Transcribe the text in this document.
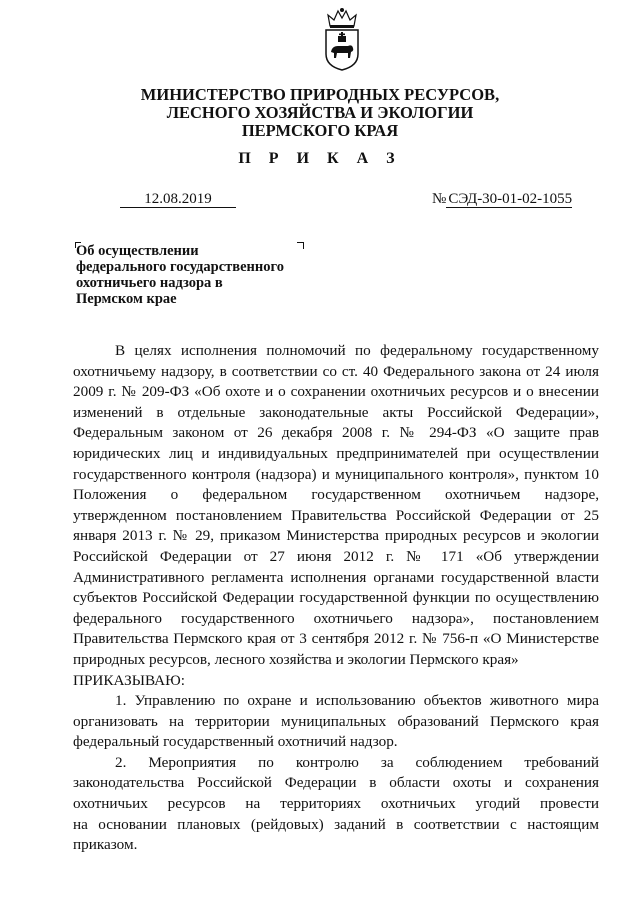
МИНИСТЕРСТВО ПРИРОДНЫХ РЕСУРСОВ,
ЛЕСНОГО ХОЗЯЙСТВА И ЭКОЛОГИИ
ПЕРМСКОГО КРАЯ
П Р И К А З
12.08.2019	№ СЭД-30-01-02-1055
Об осуществлении
федерального государственного
охотничьего надзора в
Пермском крае

В целях исполнения полномочий по федеральному государственному

охотничьему надзору, в соответствии со ст. 40 Федерального закона от 24 июля

2009 г. № 209-ФЗ «Об охоте и о сохранении охотничьих ресурсов и о внесении

изменений в отдельные законодательные акты Российской Федерации»,

Федеральным законом от 26 декабря 2008 г. № 294-ФЗ «О защите прав

юридических лиц и индивидуальных предпринимателей при осуществлении

государственного контроля (надзора) и муниципального контроля», пунктом 10

Положения о федеральном государственном охотничьем надзоре,

утвержденном постановлением Правительства Российской Федерации от 25

января 2013 г. № 29, приказом Министерства природных ресурсов и экологии

Российской Федерации от 27 июня 2012 г. № 171 «Об утверждении

Административного регламента исполнения органами государственной власти

субъектов Российской Федерации государственной функции по осуществлению

федерального государственного охотничьего надзора», постановлением

Правительства Пермского края от 3 сентября 2012 г. № 756-п «О Министерстве

природных ресурсов, лесного хозяйства и экологии Пермского края»

ПРИКАЗЫВАЮ:

1. Управлению по охране и использованию объектов животного мира

организовать на территории муниципальных образований Пермского края

федеральный государственный охотничий надзор.

2. Мероприятия по контролю за соблюдением требований

законодательства Российской Федерации в области охоты и сохранения

охотничьих ресурсов на территориях охотничьих угодий провести

на основании плановых (рейдовых) заданий в соответствии с настоящим

приказом.
